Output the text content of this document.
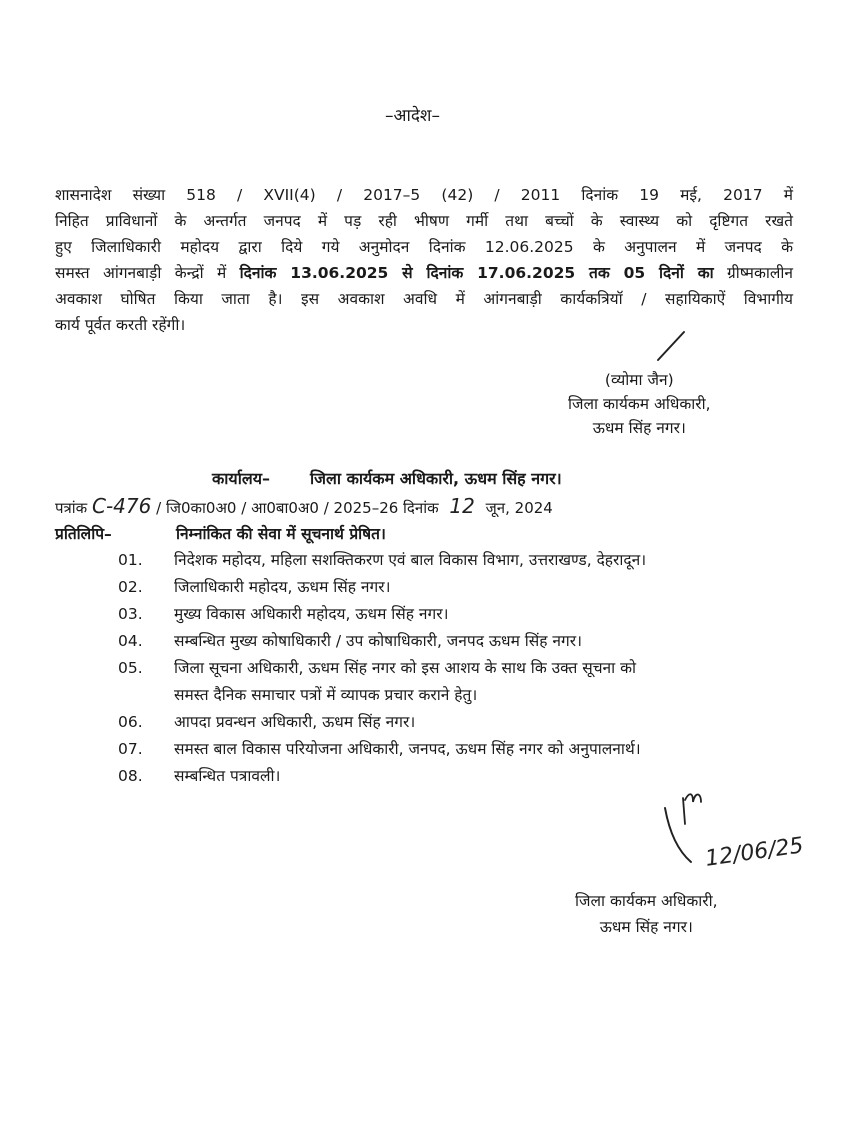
–आदेश–
शासनादेश संख्या 518 / XVII(4) / 2017–5 (42) / 2011 दिनांक 19 मई, 2017 में
निहित प्राविधानों के अन्तर्गत जनपद में पड़ रही भीषण गर्मी तथा बच्चों के स्वास्थ्य को दृष्टिगत रखते
हुए जिलाधिकारी महोदय द्वारा दिये गये अनुमोदन दिनांक 12.06.2025 के अनुपालन में जनपद के
समस्त आंगनबाड़ी केन्द्रों में दिनांक 13.06.2025 से दिनांक 17.06.2025 तक 05 दिनों का ग्रीष्मकालीन
अवकाश घोषित किया जाता है। इस अवकाश अवधि में आंगनबाड़ी कार्यकत्रियॉ / सहायिकाऐं विभागीय
कार्य पूर्वत करती रहेंगी।
(व्योमा जैन)
जिला कार्यकम अधिकारी,
ऊधम सिंह नगर।
कार्यालय–	जिला कार्यकम अधिकारी, ऊधम सिंह नगर।
पत्रांक C-476 / जि0का0अ0 / आ0बा0अ0 / 2025–26 दिनांक 12 जून, 2024
प्रतिलिपि–	निम्नांकित की सेवा में सूचनार्थ प्रेषित।
01.	निदेशक महोदय, महिला सशक्तिकरण एवं बाल विकास विभाग, उत्तराखण्ड, देहरादून।
02.	जिलाधिकारी महोदय, ऊधम सिंह नगर।
03.	मुख्य विकास अधिकारी महोदय, ऊधम सिंह नगर।
04.	सम्बन्धित मुख्य कोषाधिकारी / उप कोषाधिकारी, जनपद ऊधम सिंह नगर।
05.	जिला सूचना अधिकारी, ऊधम सिंह नगर को इस आशय के साथ कि उक्त सूचना को
समस्त दैनिक समाचार पत्रों में व्यापक प्रचार कराने हेतु।
06.	आपदा प्रवन्धन अधिकारी, ऊधम सिंह नगर।
07.	समस्त बाल विकास परियोजना अधिकारी, जनपद, ऊधम सिंह नगर को अनुपालनार्थ।
08.	सम्बन्धित पत्रावली।
12/06/25
जिला कार्यकम अधिकारी,
ऊधम सिंह नगर।
